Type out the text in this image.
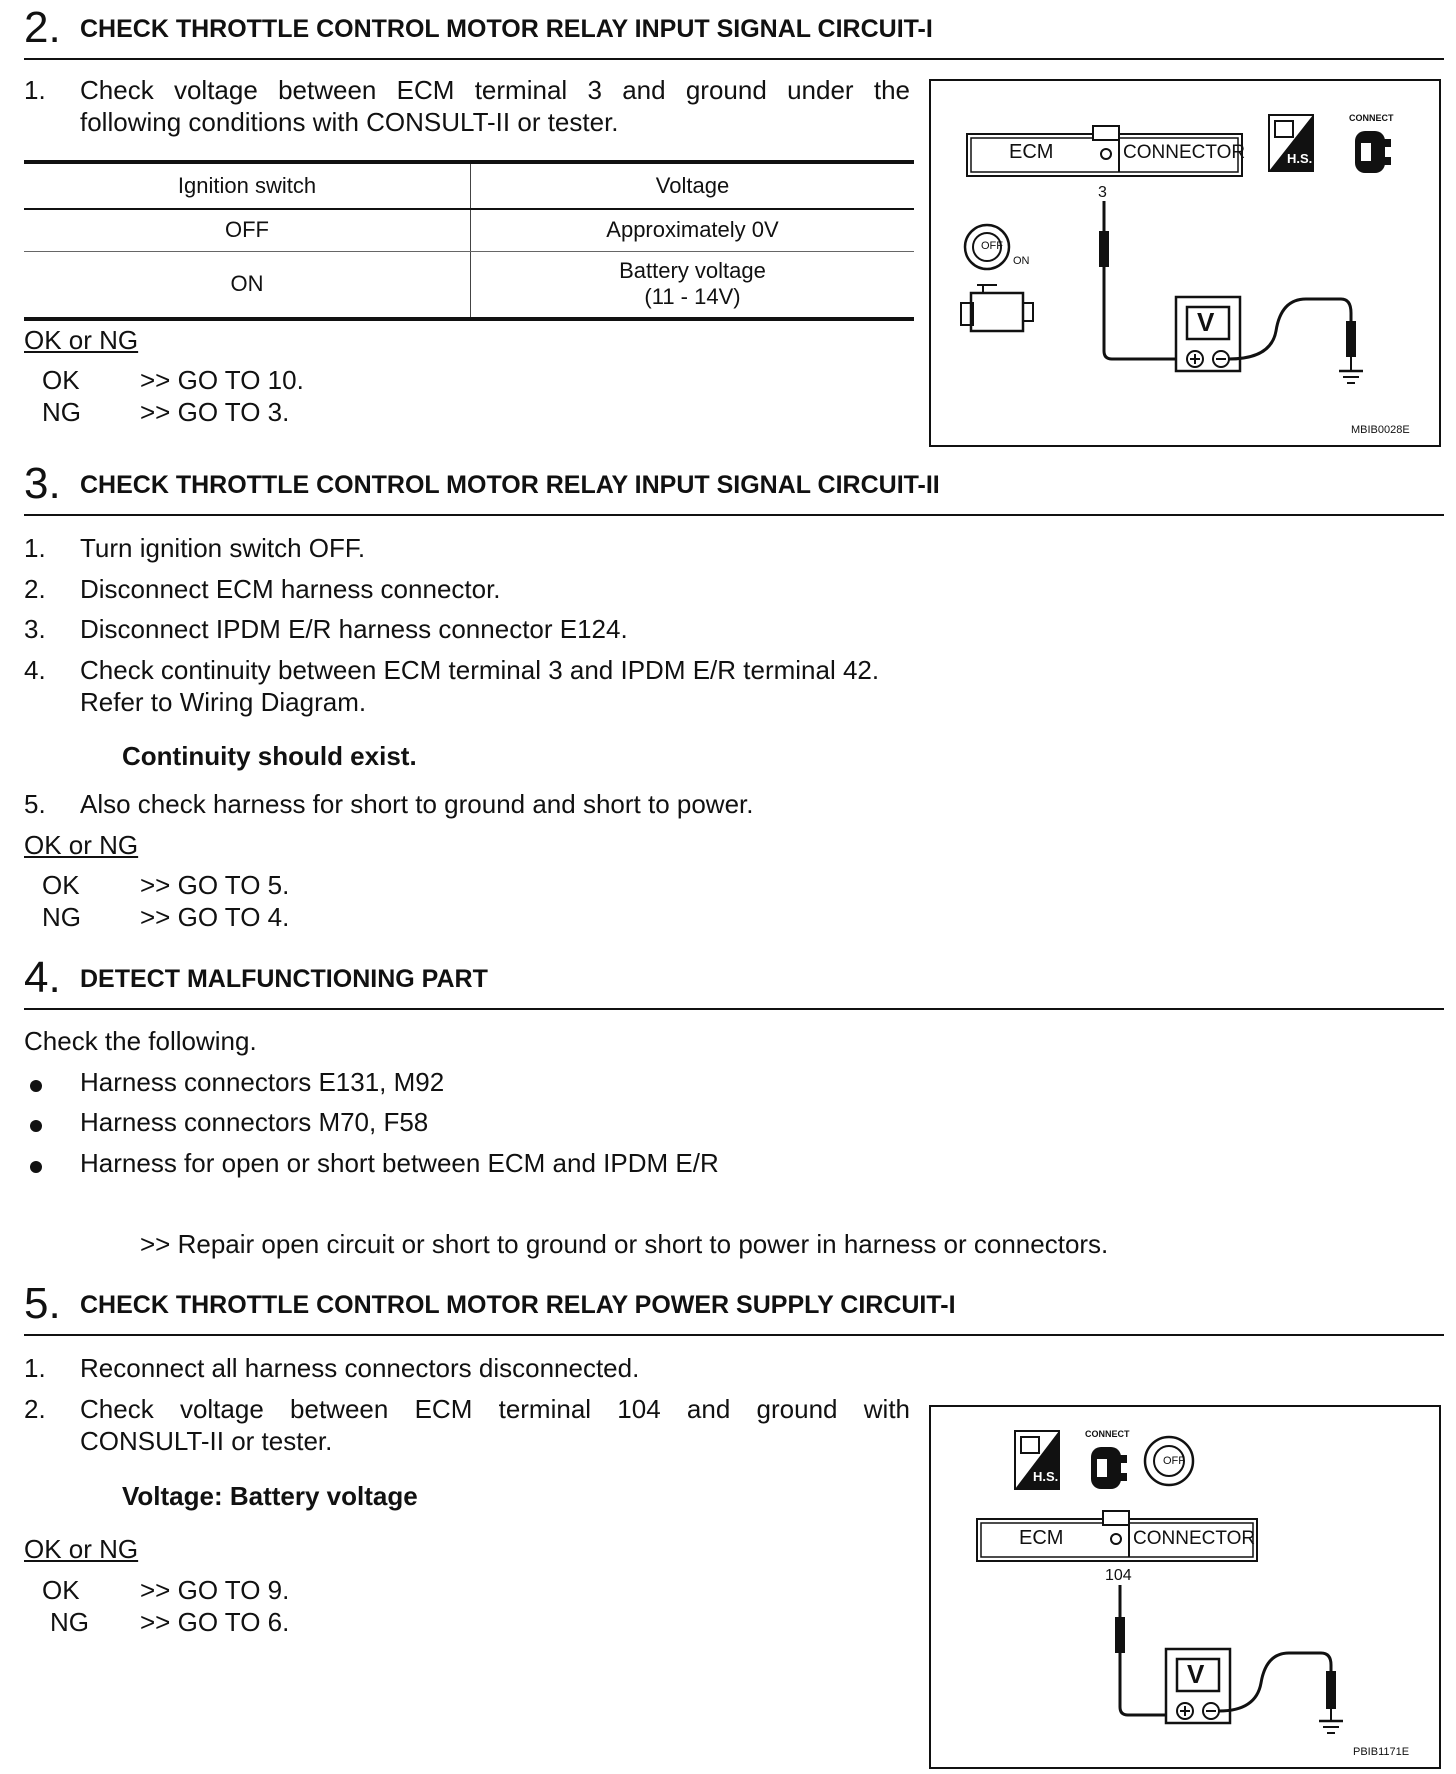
2. CHECK THROTTLE CONTROL MOTOR RELAY INPUT SIGNAL CIRCUIT-I
1. Check voltage between ECM terminal 3 and ground under the
following conditions with CONSULT-II or tester.
Ignition switch	Voltage
OFF	Approximately 0V
ON	Battery voltage
(11 - 14V)
OK or NG
OK >> GO TO 10.
NG >> GO TO 3.
ECM	CONNECTOR
3
CONNECT
H.S.
OFF
ON
V
MBIB0028E
3. CHECK THROTTLE CONTROL MOTOR RELAY INPUT SIGNAL CIRCUIT-II
1. Turn ignition switch OFF.
2. Disconnect ECM harness connector.
3. Disconnect IPDM E/R harness connector E124.
4. Check continuity between ECM terminal 3 and IPDM E/R terminal 42.
Refer to Wiring Diagram.
Continuity should exist.
5. Also check harness for short to ground and short to power.
OK or NG
OK >> GO TO 5.
NG >> GO TO 4.
4. DETECT MALFUNCTIONING PART
Check the following.
Harness connectors E131, M92
Harness connectors M70, F58
Harness for open or short between ECM and IPDM E/R
>> Repair open circuit or short to ground or short to power in harness or connectors.
5. CHECK THROTTLE CONTROL MOTOR RELAY POWER SUPPLY CIRCUIT-I
1. Reconnect all harness connectors disconnected.
2. Check voltage between ECM terminal 104 and ground with
CONSULT-II or tester.
Voltage: Battery voltage
OK or NG
OK >> GO TO 9.
NG >> GO TO 6.
ECM	CONNECTOR
104
CONNECT
H.S.
OFF
V
PBIB1171E
